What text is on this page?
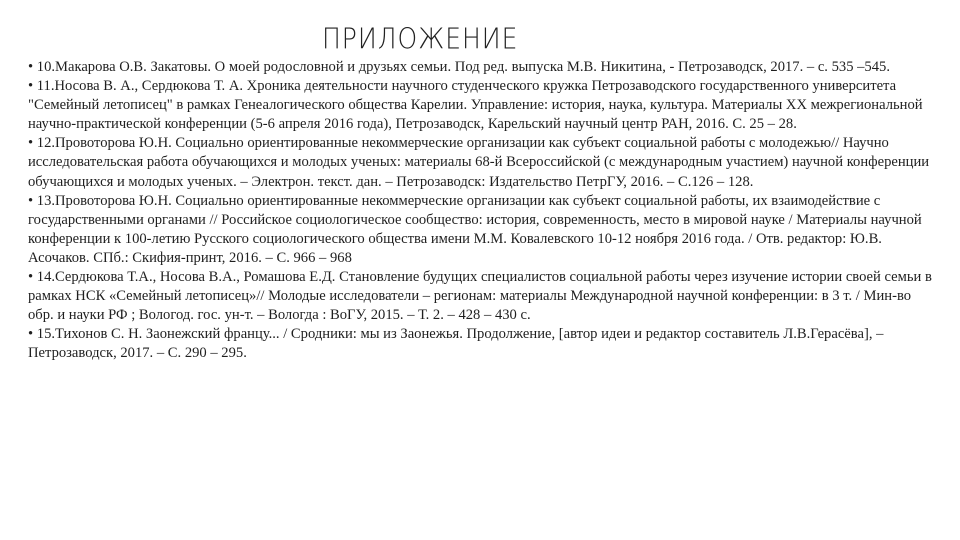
ПРИЛОЖЕНИЕ
• 10.Макарова О.В. Закатовы. О моей родословной и друзьях семьи. Под ред. выпуска М.В. Никитина, - Петрозаводск, 2017. – с. 535 –545.
• 11.Носова В. А., Сердюкова Т. А. Хроника деятельности научного студенческого кружка Петрозаводского государственного университета "Семейный летописец" в рамках Генеалогического общества Карелии. Управление: история, наука, культура. Материалы XX межрегиональной научно-практической конференции (5-6 апреля 2016 года), Петрозаводск, Карельский научный центр РАН, 2016. С. 25 – 28.
• 12.Провоторова Ю.Н. Социально ориентированные некоммерческие организации как субъект социальной работы с молодежью// Научно исследовательская работа обучающихся и молодых ученых: материалы 68-й Всероссийской (с международным участием) научной конференции обучающихся и молодых ученых. – Электрон. текст. дан. – Петрозаводск: Издательство ПетрГУ, 2016. – С.126 – 128.
• 13.Провоторова Ю.Н. Социально ориентированные некоммерческие организации как субъект социальной работы, их взаимодействие с государственными органами // Российское социологическое сообщество: история, современность, место в мировой науке / Материалы научной конференции к 100-летию Русского социологического общества имени М.М. Ковалевского 10-12 ноября 2016 года. / Отв. редактор: Ю.В. Асочаков. СПб.: Скифия-принт, 2016. – С. 966 – 968
• 14.Сердюкова Т.А., Носова В.А., Ромашова Е.Д. Становление будущих специалистов социальной работы через изучение истории своей семьи в рамках НСК «Семейный летописец»// Молодые исследователи – регионам: материалы Международной научной конференции: в 3 т. / Мин-во обр. и науки РФ ; Вологод. гос. ун-т. – Вологда : ВоГУ, 2015. – Т. 2. – 428 – 430 с.
• 15.Тихонов С. Н. Заонежский францу... / Сродники: мы из Заонежья. Продолжение, [автор идеи и редактор составитель Л.В.Герасёва], – Петрозаводск, 2017. – С. 290 – 295.
